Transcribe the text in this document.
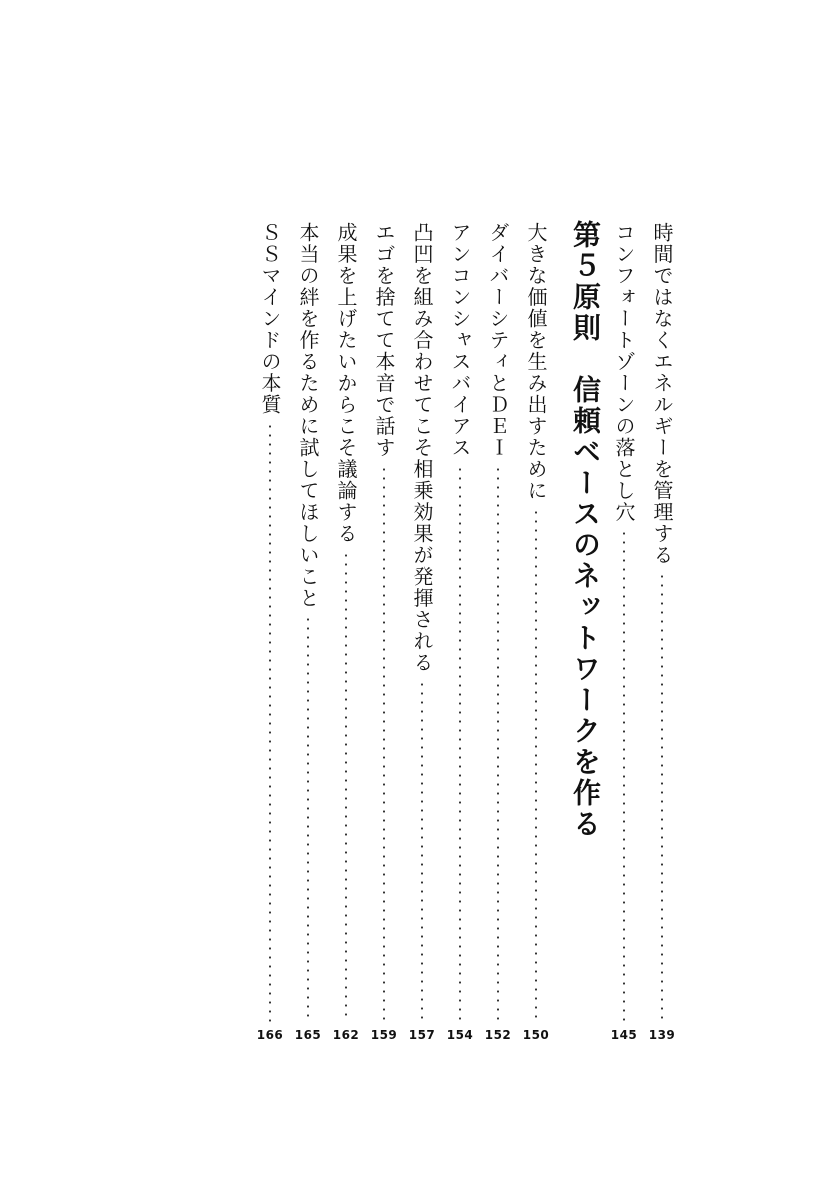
時間ではなくエネルギーを管理する
139
コンフォートゾーンの落とし穴
145
第５原則　信頼ベースのネットワークを作る
大きな価値を生み出すために
150
ダイバーシティとＤＥＩ
152
アンコンシャスバイアス
154
凸凹を組み合わせてこそ相乗効果が発揮される
157
エゴを捨てて本音で話す
159
成果を上げたいからこそ議論する
162
本当の絆を作るために試してほしいこと
165
ＳＳマインドの本質
166
